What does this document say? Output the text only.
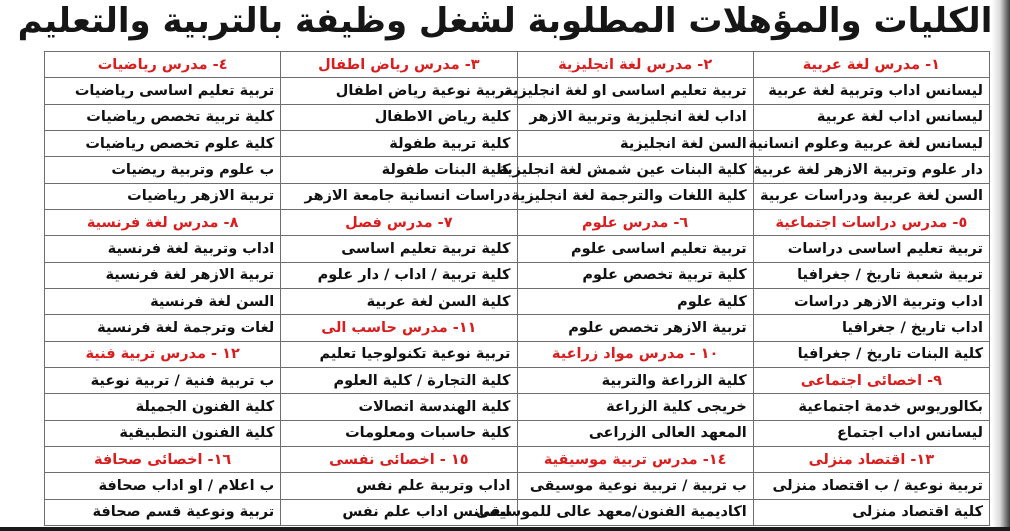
الكليات والمؤهلات المطلوبة لشغل وظيفة بالتربية والتعليم
١- مدرس لغة عربية	٢- مدرس لغة انجليزية	٣- مدرس رياض اطفال	٤- مدرس رياضيات
ليسانس اداب وتربية لغة عربية	تربية تعليم اساسى او لغة انجليزية	تربية نوعية رياض اطفال	تربية تعليم اساسى رياضيات
ليسانس اداب لغة عربية	اداب لغة انجليزية وتربية الازهر	كلية رياض الاطفال	كلية تربية تخصص رياضيات
ليسانس لغة عربية وعلوم انسانية	السن لغة انجليزية	كلية تربية طفولة	كلية علوم تخصص رياضيات
دار علوم وتربية الازهر لغة عربية	كلية البنات عين شمش لغة انجليزية	كلية البنات طفولة	ب علوم وتربية ريضيات
السن لغة عربية ودراسات عربية	كلية اللغات والترجمة لغة انجليزية	دراسات انسانية جامعة الازهر	تربية الازهر رياضيات
٥- مدرس دراسات اجتماعية	٦- مدرس علوم	٧- مدرس فصل	٨- مدرس لغة فرنسية
تربية تعليم اساسى دراسات	تربية تعليم اساسى علوم	كلية تربية تعليم اساسى	اداب وتربية لغة فرنسية
تربية شعبة تاريخ / جغرافيا	كلية تربية تخصص علوم	كلية تربية / اداب / دار علوم	تربية الازهر لغة فرنسية
اداب وتربية الازهر دراسات	كلية علوم	كلية السن لغة عربية	السن لغة فرنسية
اداب تاريخ / جغرافيا	تربية الازهر تخصص علوم	١١- مدرس حاسب الى	لغات وترجمة لغة فرنسية
كلية البنات تاريخ / جغرافيا	١٠ - مدرس مواد زراعية	تربية نوعية تكنولوجيا تعليم	١٢ - مدرس تربية فنية
٩- اخصائى اجتماعى	كلية الزراعة والتربية	كلية التجارة / كلية العلوم	ب تربية فنية / تربية نوعية
بكالوريوس خدمة اجتماعية	خريجى كلية الزراعة	كلية الهندسة اتصالات	كلية الفنون الجميلة
ليسانس اداب اجتماع	المعهد العالى الزراعى	كلية حاسبات ومعلومات	كلية الفنون التطبيقية
١٣- اقتصاد منزلى	١٤- مدرس تربية موسيقية	١٥ - اخصائى نفسى	١٦- اخصائى صحافة
تربية نوعية / ب اقتصاد منزلى	ب تربية / تربية نوعية موسيقى	اداب وتربية علم نفس	ب اعلام / او اداب صحافة
كلية اقتصاد منزلى	اكاديمية الفنون/معهد عالى للموسيقى	ليسانس اداب علم نفس	تربية ونوعية قسم صحافة
